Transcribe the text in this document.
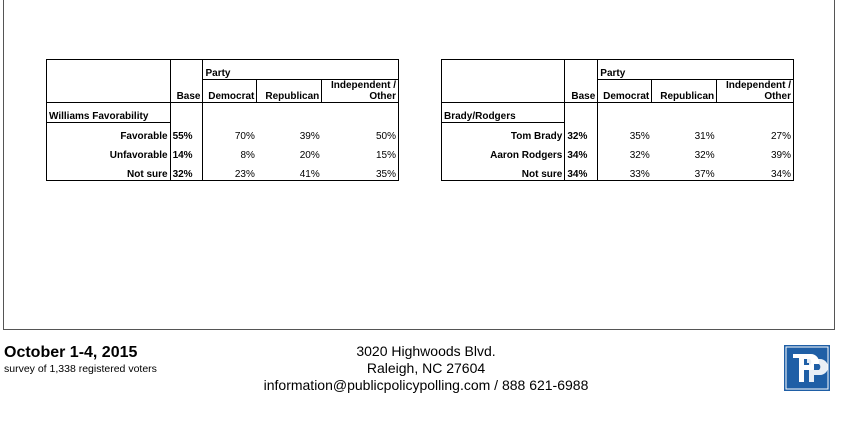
		Party		
	Base	Democrat	Republican	Independent / Other
Williams Favorability				
Favorable	55%	70%	39%	50%
Unfavorable	14%	8%	20%	15%
Not sure	32%	23%	41%	35%
		Party		
	Base	Democrat	Republican	Independent / Other
Brady/Rodgers				
Tom Brady	32%	35%	31%	27%
Aaron Rodgers	34%	32%	32%	39%
Not sure	34%	33%	37%	34%
October 1-4, 2015
survey of 1,338 registered voters
3020 Highwoods Blvd.
Raleigh, NC 27604
information@publicpolicypolling.com / 888 621-6988
